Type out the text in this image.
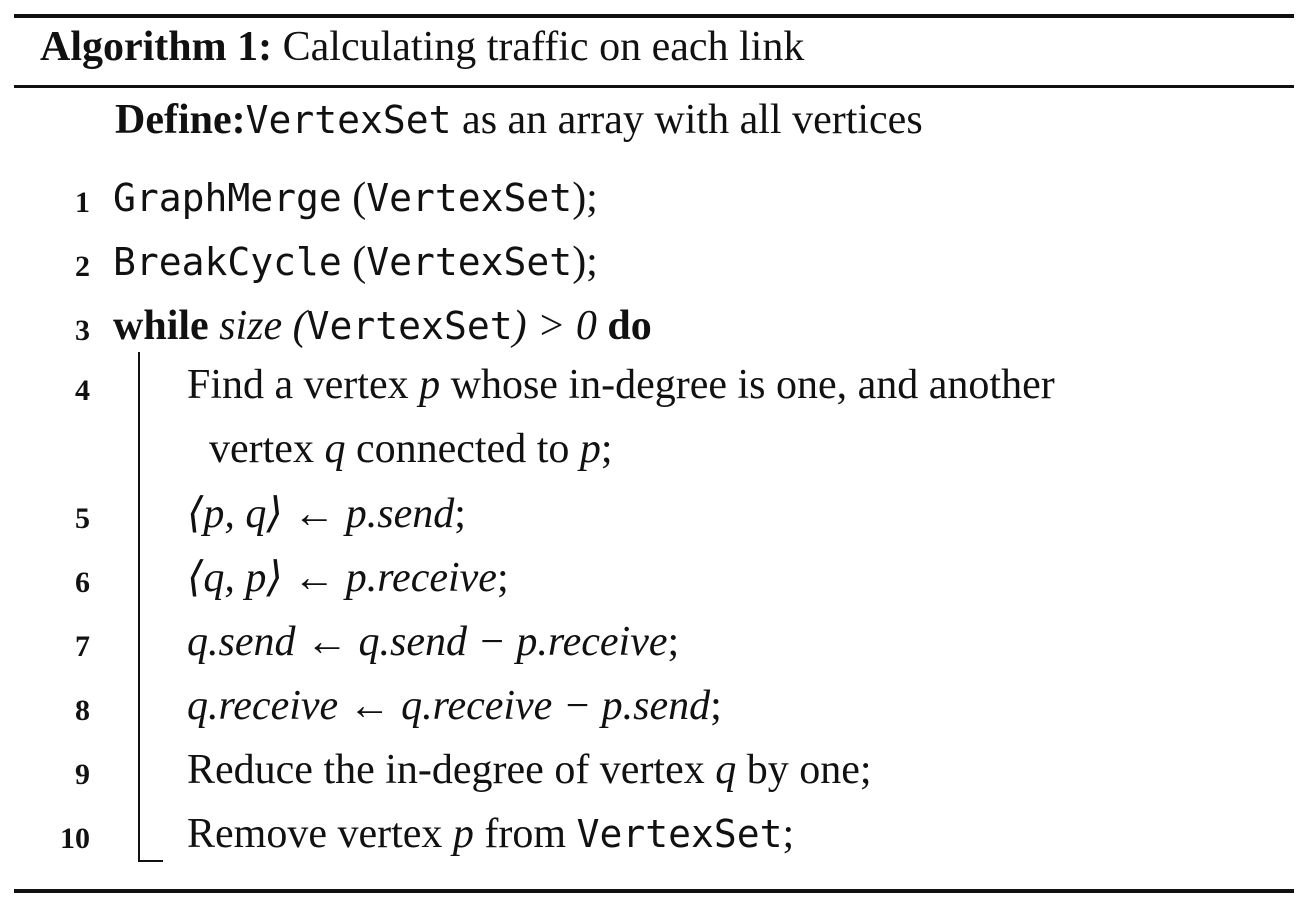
Algorithm 1: Calculating traffic on each link
Define:VertexSet as an array with all vertices
1 GraphMerge (VertexSet);
2 BreakCycle (VertexSet);
3 while size (VertexSet) > 0 do
4 Find a vertex p whose in-degree is one, and another
vertex q connected to p;
5 ⟨p, q⟩ ← p.send;
6 ⟨q, p⟩ ← p.receive;
7 q.send ← q.send − p.receive;
8 q.receive ← q.receive − p.send;
9 Reduce the in-degree of vertex q by one;
10 Remove vertex p from VertexSet;
